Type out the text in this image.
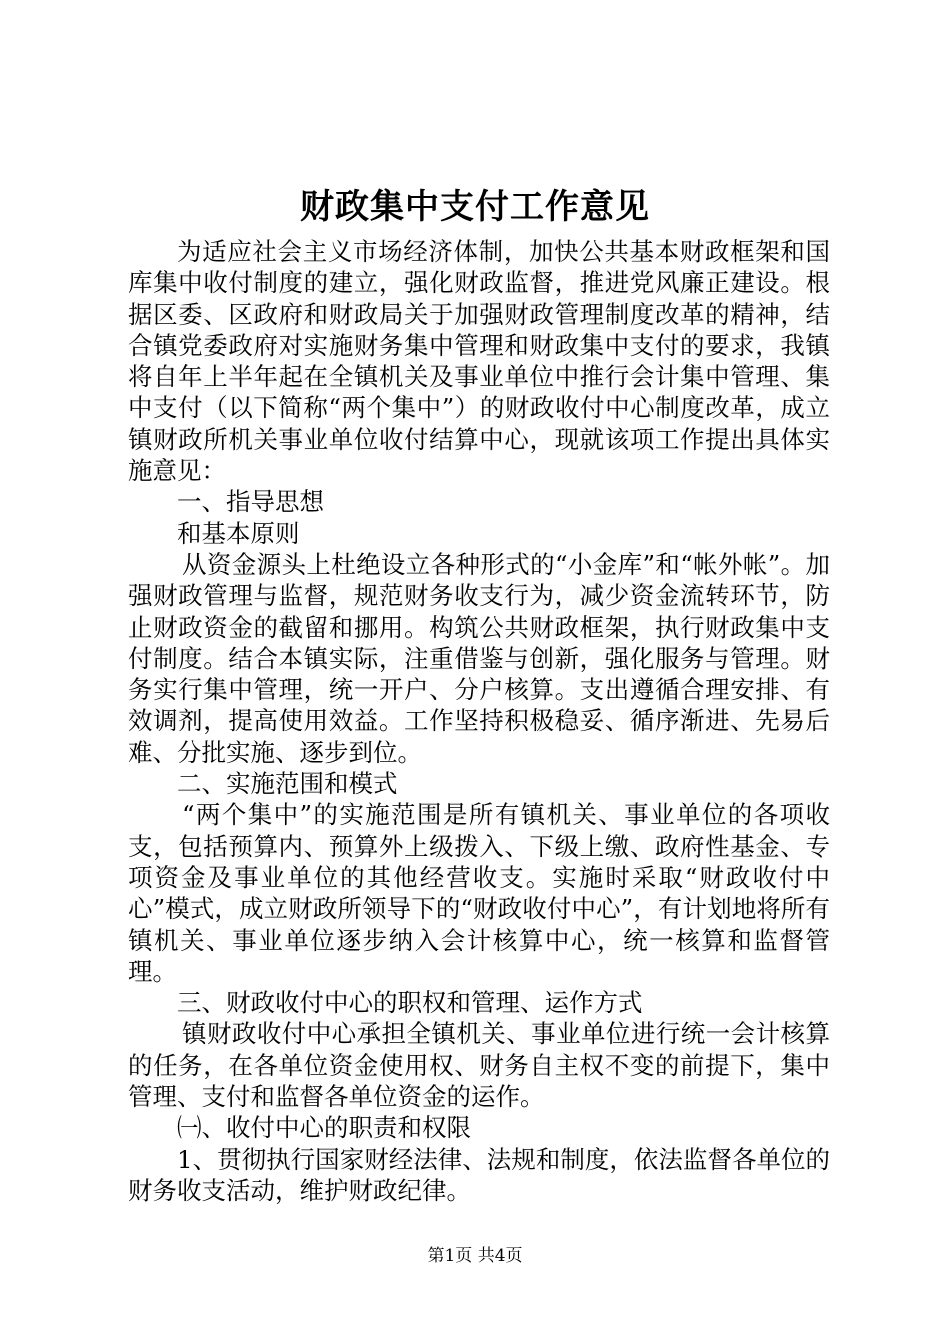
财政集中支付工作意见

为适应社会主义市场经济体制，加快公共基本财政框架和国库集中收付制度的建立，强化财政监督，推进党风廉正建设。根据区委、区政府和财政局关于加强财政管理制度改革的精神，结合镇党委政府对实施财务集中管理和财政集中支付的要求，我镇将自年上半年起在全镇机关及事业单位中推行会计集中管理、集中支付（以下简称“两个集中”）的财政收付中心制度改革，成立镇财政所机关事业单位收付结算中心，现就该项工作提出具体实施意见：

一、指导思想

和基本原则

从资金源头上杜绝设立各种形式的“小金库”和“帐外帐”。加强财政管理与监督，规范财务收支行为，减少资金流转环节，防止财政资金的截留和挪用。构筑公共财政框架，执行财政集中支付制度。结合本镇实际，注重借鉴与创新，强化服务与管理。财务实行集中管理，统一开户、分户核算。支出遵循合理安排、有效调剂，提高使用效益。工作坚持积极稳妥、循序渐进、先易后难、分批实施、逐步到位。

二、实施范围和模式

“两个集中”的实施范围是所有镇机关、事业单位的各项收支，包括预算内、预算外上级拨入、下级上缴、政府性基金、专项资金及事业单位的其他经营收支。实施时采取“财政收付中心”模式，成立财政所领导下的“财政收付中心”，有计划地将所有镇机关、事业单位逐步纳入会计核算中心，统一核算和监督管理。

三、财政收付中心的职权和管理、运作方式

镇财政收付中心承担全镇机关、事业单位进行统一会计核算的任务，在各单位资金使用权、财务自主权不变的前提下，集中管理、支付和监督各单位资金的运作。

㈠、收付中心的职责和权限

1、贯彻执行国家财经法律、法规和制度，依法监督各单位的财务收支活动，维护财政纪律。

第1页 共4页
